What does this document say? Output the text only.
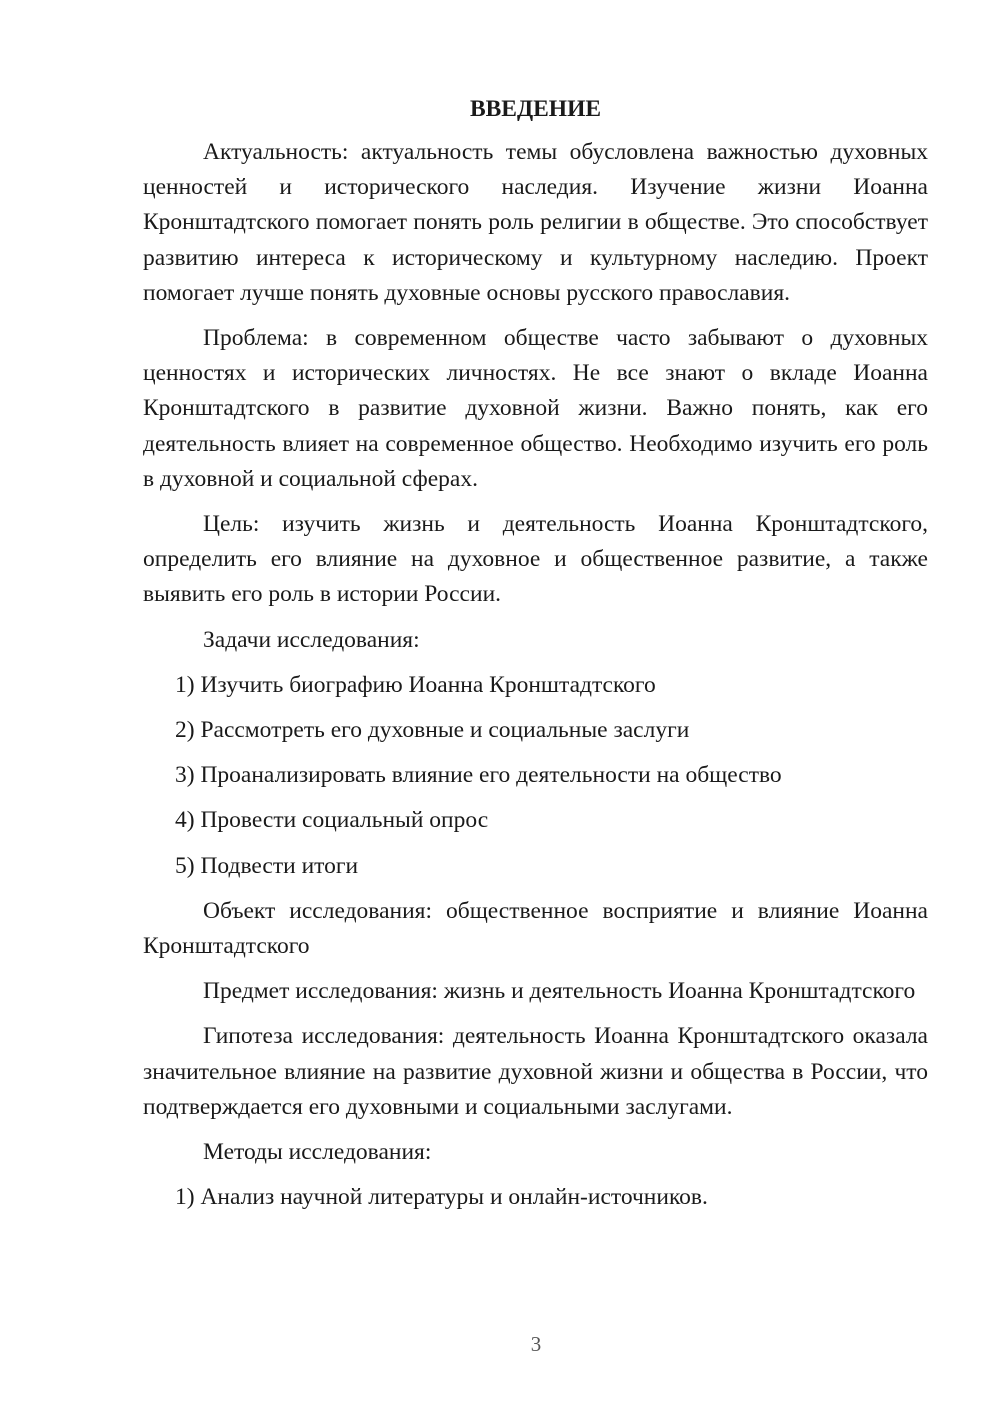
ВВЕДЕНИЕ

Актуальность: актуальность темы обусловлена важностью духовных ценностей и исторического наследия. Изучение жизни Иоанна Кронштадтского помогает понять роль религии в обществе. Это способствует развитию интереса к историческому и культурному наследию. Проект помогает лучше понять духовные основы русского православия.

Проблема: в современном обществе часто забывают о духовных ценностях и исторических личностях. Не все знают о вкладе Иоанна Кронштадтского в развитие духовной жизни. Важно понять, как его деятельность влияет на современное общество. Необходимо изучить его роль в духовной и социальной сферах.

Цель: изучить жизнь и деятельность Иоанна Кронштадтского, определить его влияние на духовное и общественное развитие, а также выявить его роль в истории России.

Задачи исследования:

1) Изучить биографию Иоанна Кронштадтского

2) Рассмотреть его духовные и социальные заслуги

3) Проанализировать влияние его деятельности на общество

4) Провести социальный опрос

5) Подвести итоги

Объект исследования: общественное восприятие и влияние Иоанна Кронштадтского

Предмет исследования: жизнь и деятельность Иоанна Кронштадтского

Гипотеза исследования: деятельность Иоанна Кронштадтского оказала значительное влияние на развитие духовной жизни и общества в России, что подтверждается его духовными и социальными заслугами.

Методы исследования:

1) Анализ научной литературы и онлайн-источников.

3
